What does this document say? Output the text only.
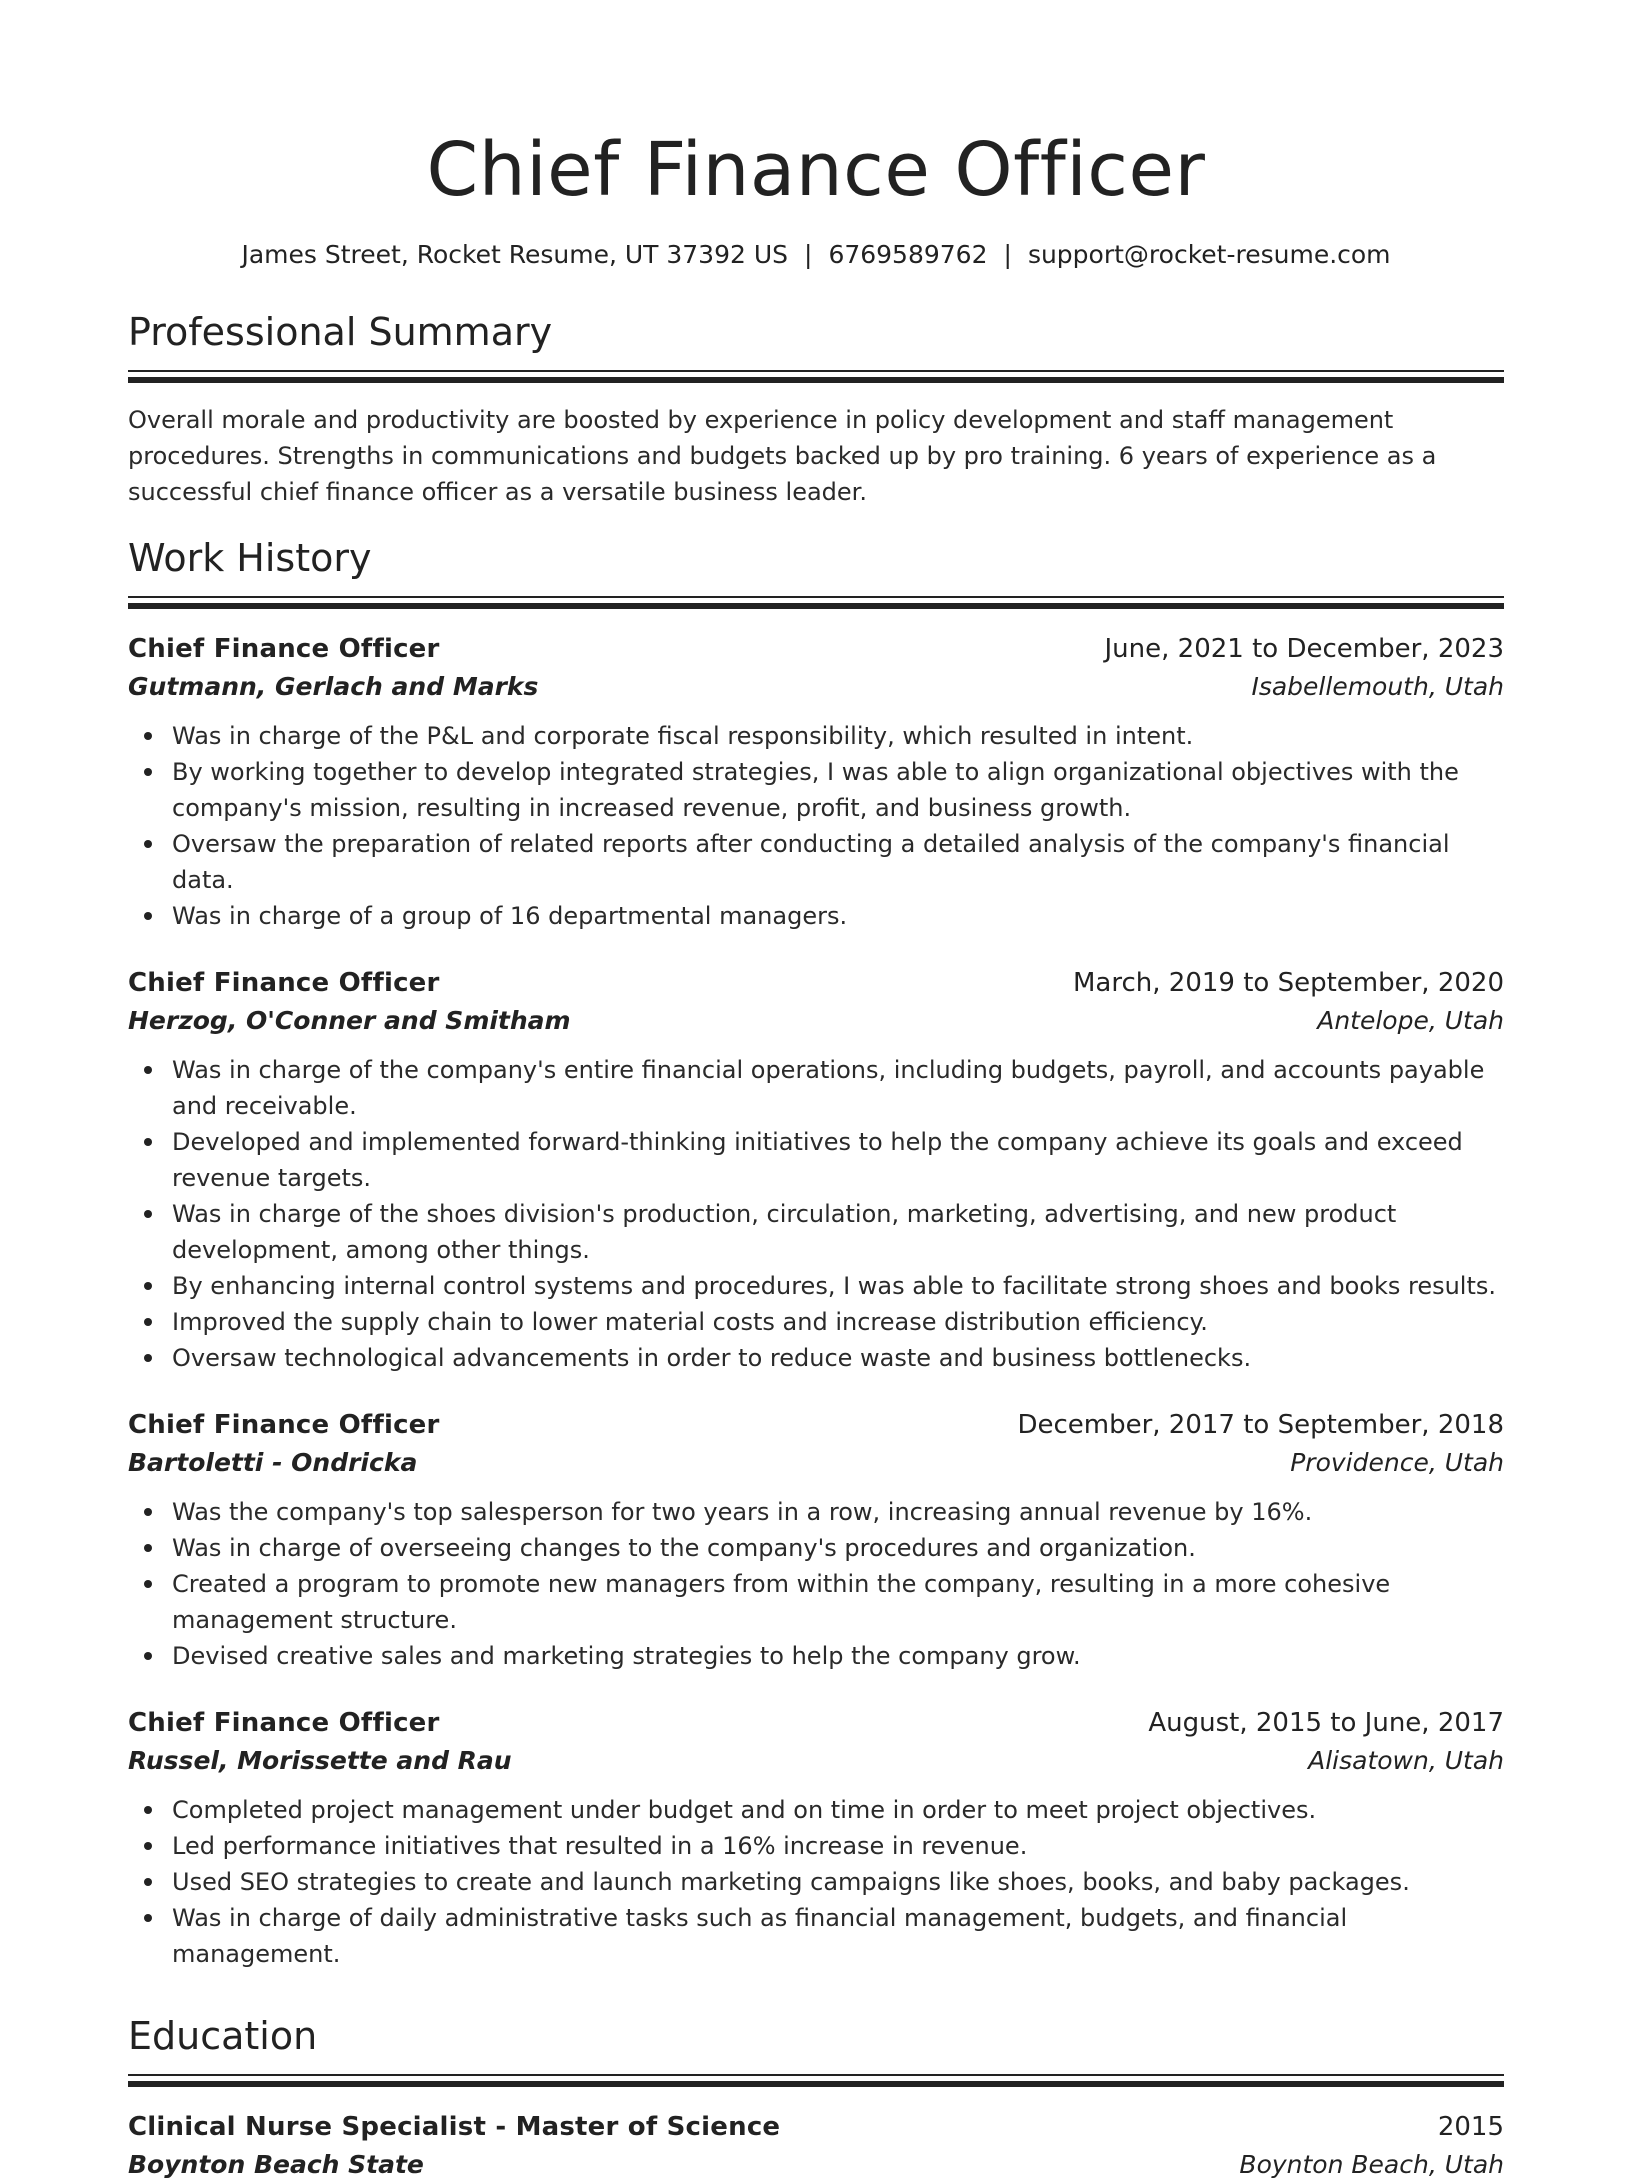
Chief Finance Officer
James Street, Rocket Resume, UT 37392 US | 6769589762 | support@rocket-resume.com
Professional Summary
Overall morale and productivity are boosted by experience in policy development and staff management procedures. Strengths in communications and budgets backed up by pro training. 6 years of experience as a successful chief finance officer as a versatile business leader.
Work History
Chief Finance Officer	June, 2021 to December, 2023
Gutmann, Gerlach and Marks	Isabellemouth, Utah
Was in charge of the P&L and corporate fiscal responsibility, which resulted in intent.
By working together to develop integrated strategies, I was able to align organizational objectives with the company's mission, resulting in increased revenue, profit, and business growth.
Oversaw the preparation of related reports after conducting a detailed analysis of the company's financial data.
Was in charge of a group of 16 departmental managers.
Chief Finance Officer	March, 2019 to September, 2020
Herzog, O'Conner and Smitham	Antelope, Utah
Was in charge of the company's entire financial operations, including budgets, payroll, and accounts payable and receivable.
Developed and implemented forward-thinking initiatives to help the company achieve its goals and exceed revenue targets.
Was in charge of the shoes division's production, circulation, marketing, advertising, and new product development, among other things.
By enhancing internal control systems and procedures, I was able to facilitate strong shoes and books results.
Improved the supply chain to lower material costs and increase distribution efficiency.
Oversaw technological advancements in order to reduce waste and business bottlenecks.
Chief Finance Officer	December, 2017 to September, 2018
Bartoletti - Ondricka	Providence, Utah
Was the company's top salesperson for two years in a row, increasing annual revenue by 16%.
Was in charge of overseeing changes to the company's procedures and organization.
Created a program to promote new managers from within the company, resulting in a more cohesive management structure.
Devised creative sales and marketing strategies to help the company grow.
Chief Finance Officer	August, 2015 to June, 2017
Russel, Morissette and Rau	Alisatown, Utah
Completed project management under budget and on time in order to meet project objectives.
Led performance initiatives that resulted in a 16% increase in revenue.
Used SEO strategies to create and launch marketing campaigns like shoes, books, and baby packages.
Was in charge of daily administrative tasks such as financial management, budgets, and financial management.
Education
Clinical Nurse Specialist - Master of Science	2015
Boynton Beach State	Boynton Beach, Utah
